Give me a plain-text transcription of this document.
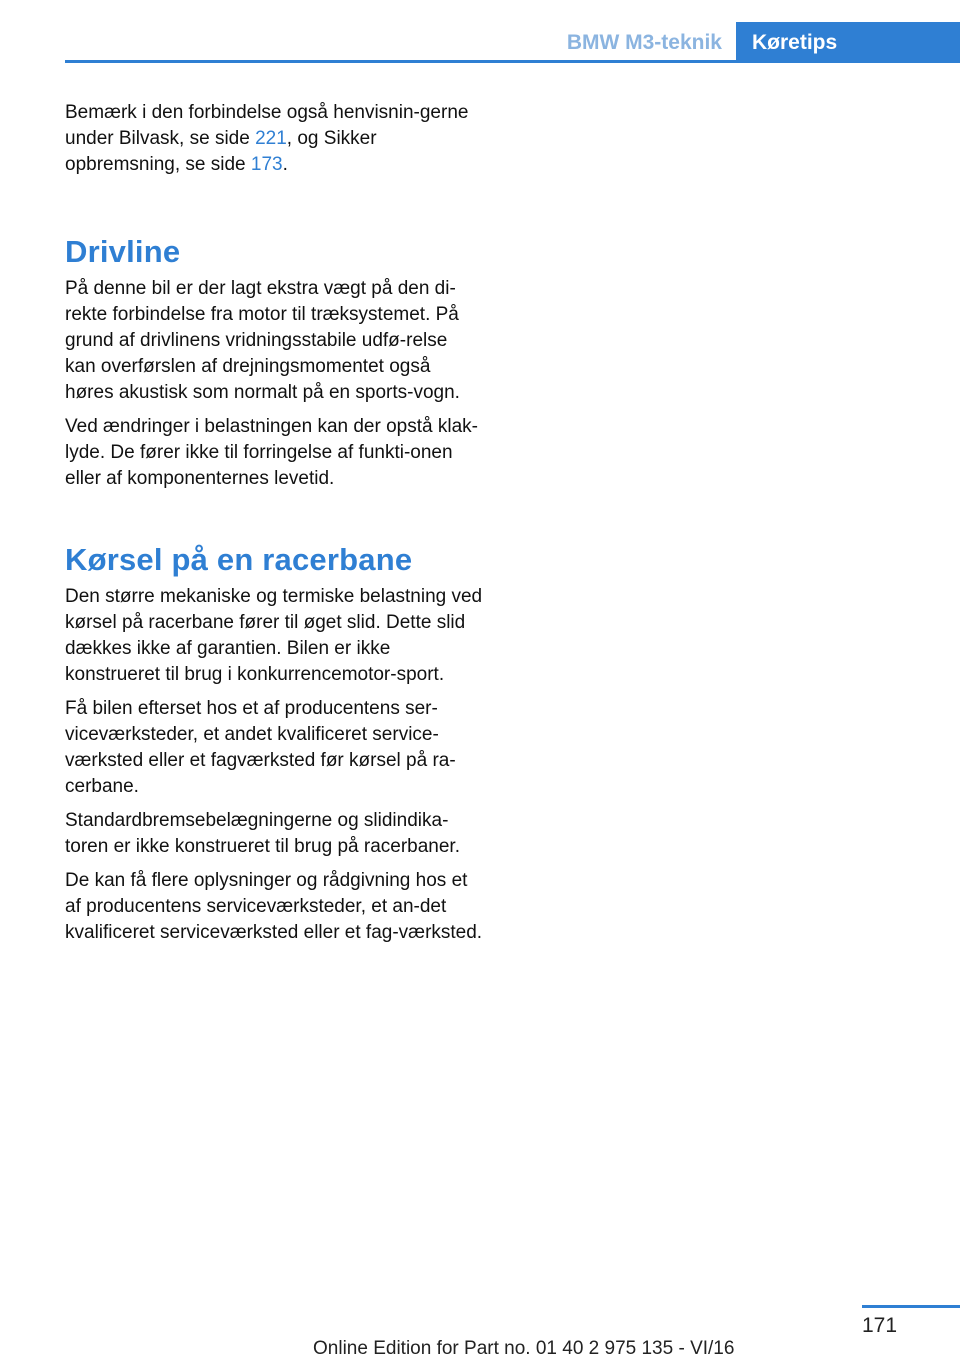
BMW M3-teknik	Køretips

Bemærk i den forbindelse også henvisnin-gerne under Bilvask, se side 221, og Sikker opbremsning, se side 173.

Drivline

På denne bil er der lagt ekstra vægt på den di-rekte forbindelse fra motor til træksystemet. På grund af drivlinens vridningsstabile udfø-relse kan overførslen af drejningsmomentet også høres akustisk som normalt på en sports-vogn.

Ved ændringer i belastningen kan der opstå klak-lyde. De fører ikke til forringelse af funkti-onen eller af komponenternes levetid.

Kørsel på en racerbane

Den større mekaniske og termiske belastning ved kørsel på racerbane fører til øget slid. Dette slid dækkes ikke af garantien. Bilen er ikke konstrueret til brug i konkurrencemotor-sport.

Få bilen efterset hos et af producentens ser-viceværksteder, et andet kvalificeret service-værksted eller et fagværksted før kørsel på ra-cerbane.

Standardbremsebelægningerne og slidindika-toren er ikke konstrueret til brug på racerbaner.

De kan få flere oplysninger og rådgivning hos et af producentens serviceværksteder, et an-det kvalificeret serviceværksted eller et fag-værksted.

171
Online Edition for Part no. 01 40 2 975 135 - VI/16
